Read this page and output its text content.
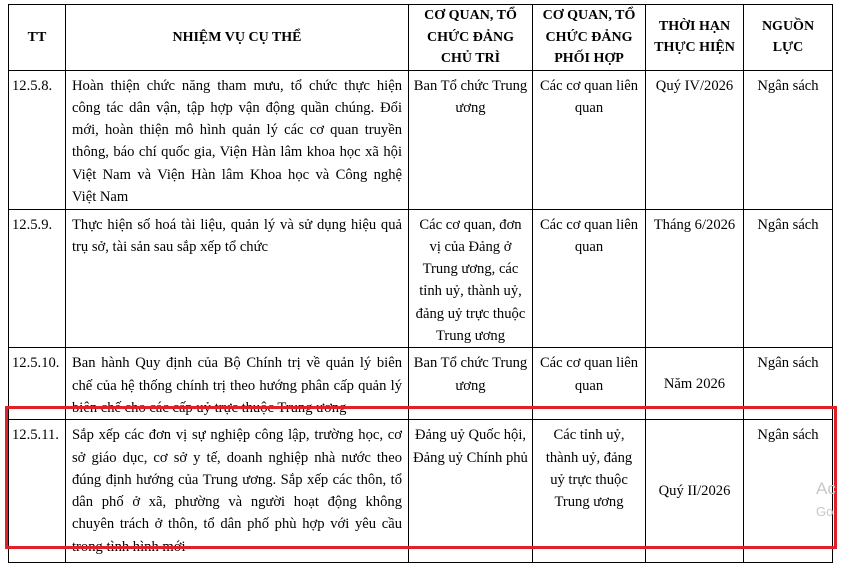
TT	NHIỆM VỤ CỤ THỂ	CƠ QUAN, TỔ CHỨC ĐẢNG CHỦ TRÌ	CƠ QUAN, TỔ CHỨC ĐẢNG PHỐI HỢP	THỜI HẠN THỰC HIỆN	NGUỒN LỰC
12.5.8.	Hoàn thiện chức năng tham mưu, tổ chức thực hiện công tác dân vận, tập hợp vận động quần chúng. Đổi mới, hoàn thiện mô hình quản lý các cơ quan truyền thông, báo chí quốc gia, Viện Hàn lâm khoa học xã hội Việt Nam và Viện Hàn lâm Khoa học và Công nghệ Việt Nam	Ban Tổ chức Trung ương	Các cơ quan liên quan	Quý IV/2026	Ngân sách
12.5.9.	Thực hiện số hoá tài liệu, quản lý và sử dụng hiệu quả trụ sở, tài sản sau sắp xếp tổ chức	Các cơ quan, đơn vị của Đảng ở Trung ương, các tỉnh uỷ, thành uỷ, đảng uỷ trực thuộc Trung ương	Các cơ quan liên quan	Tháng 6/2026	Ngân sách
12.5.10.	Ban hành Quy định của Bộ Chính trị về quản lý biên chế của hệ thống chính trị theo hướng phân cấp quản lý biên chế cho các cấp uỷ trực thuộc Trung ương	Ban Tổ chức Trung ương	Các cơ quan liên quan	Năm 2026	Ngân sách
12.5.11.	Sắp xếp các đơn vị sự nghiệp công lập, trường học, cơ sở giáo dục, cơ sở y tế, doanh nghiệp nhà nước theo đúng định hướng của Trung ương. Sắp xếp các thôn, tổ dân phố ở xã, phường và người hoạt động không chuyên trách ở thôn, tổ dân phố phù hợp với yêu cầu trong tình hình mới	Đảng uỷ Quốc hội, Đảng uỷ Chính phủ	Các tỉnh uỷ, thành uỷ, đảng uỷ trực thuộc Trung ương	Quý II/2026	Ngân sách
Ac
Go
